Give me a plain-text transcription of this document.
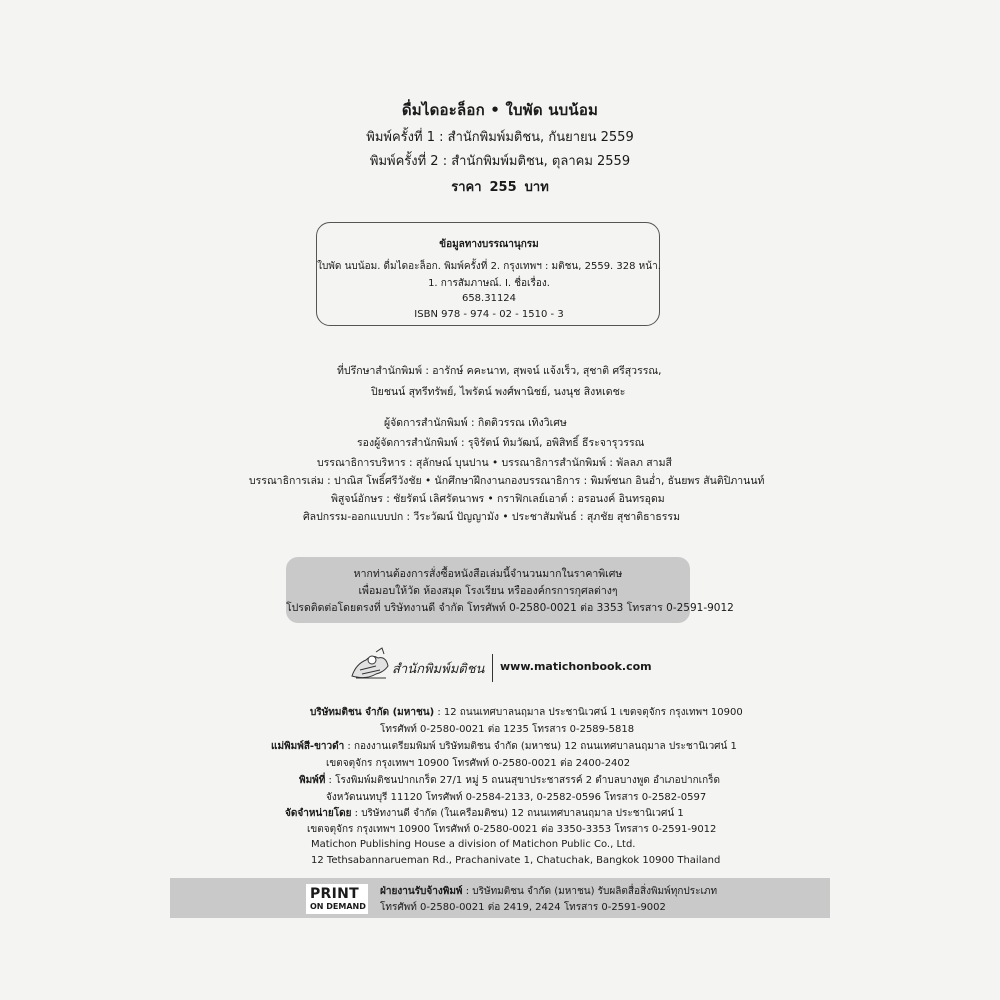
ดื่มไดอะล็อก • ใบพัด นบน้อม
พิมพ์ครั้งที่ 1 : สำนักพิมพ์มติชน, กันยายน 2559
พิมพ์ครั้งที่ 2 : สำนักพิมพ์มติชน, ตุลาคม 2559
ราคา 255 บาท
ข้อมูลทางบรรณานุกรม
ใบพัด นบน้อม. ดื่มไดอะล็อก. พิมพ์ครั้งที่ 2. กรุงเทพฯ : มติชน, 2559. 328 หน้า.
1. การสัมภาษณ์. I. ชื่อเรื่อง.
658.31124
ISBN 978 - 974 - 02 - 1510 - 3
ที่ปรึกษาสำนักพิมพ์ : อารักษ์ คคะนาท, สุพจน์ แจ้งเร็ว, สุชาติ ศรีสุวรรณ,
ปิยชนน์ สุทรีทรัพย์, ไพรัตน์ พงศ์พานิชย์, นงนุช สิงหเดชะ
ผู้จัดการสำนักพิมพ์ : กิตติวรรณ เทิงวิเศษ
รองผู้จัดการสำนักพิมพ์ : รุจิรัตน์ ทิมวัฒน์, อพิสิทธิ์ ธีระจารุวรรณ
บรรณาธิการบริหาร : สุลักษณ์ บุนปาน • บรรณาธิการสำนักพิมพ์ : พัลลภ สามสี
บรรณาธิการเล่ม : ปาณิส โพธิ์ศรีวังชัย • นักศึกษาฝึกงานกองบรรณาธิการ : พิมพ์ชนก อินอ่ำ, ธันยพร สันติปิภานนท์
พิสูจน์อักษร : ชัยรัตน์ เลิศรัตนาพร • กราฟิกเลย์เอาต์ : อรอนงค์ อินทรอุดม
ศิลปกรรม-ออกแบบปก : วีระวัฒน์ ปัญญามัง • ประชาสัมพันธ์ : สุภชัย สุชาติธาธรรม
หากท่านต้องการสั่งซื้อหนังสือเล่มนี้จำนวนมากในราคาพิเศษ
เพื่อมอบให้วัด ห้องสมุด โรงเรียน หรือองค์กรการกุศลต่างๆ
โปรดติดต่อโดยตรงที่ บริษัทงานดี จำกัด โทรศัพท์ 0-2580-0021 ต่อ 3353 โทรสาร 0-2591-9012
สำนักพิมพ์มติชน www.matichonbook.com
บริษัทมติชน จำกัด (มหาชน) : 12 ถนนเทศบาลนฤมาล ประชานิเวศน์ 1 เขตจตุจักร กรุงเทพฯ 10900
โทรศัพท์ 0-2580-0021 ต่อ 1235 โทรสาร 0-2589-5818
แม่พิมพ์สี-ขาวดำ : กองงานเตรียมพิมพ์ บริษัทมติชน จำกัด (มหาชน) 12 ถนนเทศบาลนฤมาล ประชานิเวศน์ 1
เขตจตุจักร กรุงเทพฯ 10900 โทรศัพท์ 0-2580-0021 ต่อ 2400-2402
พิมพ์ที่ : โรงพิมพ์มติชนปากเกร็ด 27/1 หมู่ 5 ถนนสุขาประชาสรรค์ 2 ตำบลบางพูด อำเภอปากเกร็ด
จังหวัดนนทบุรี 11120 โทรศัพท์ 0-2584-2133, 0-2582-0596 โทรสาร 0-2582-0597
จัดจำหน่ายโดย : บริษัทงานดี จำกัด (ในเครือมติชน) 12 ถนนเทศบาลนฤมาล ประชานิเวศน์ 1
เขตจตุจักร กรุงเทพฯ 10900 โทรศัพท์ 0-2580-0021 ต่อ 3350-3353 โทรสาร 0-2591-9012
Matichon Publishing House a division of Matichon Public Co., Ltd.
12 Tethsabannarueman Rd., Prachanivate 1, Chatuchak, Bangkok 10900 Thailand
PRINT
ON DEMAND
ฝ่ายงานรับจ้างพิมพ์ : บริษัทมติชน จำกัด (มหาชน) รับผลิตสื่อสิ่งพิมพ์ทุกประเภท
โทรศัพท์ 0-2580-0021 ต่อ 2419, 2424 โทรสาร 0-2591-9002
